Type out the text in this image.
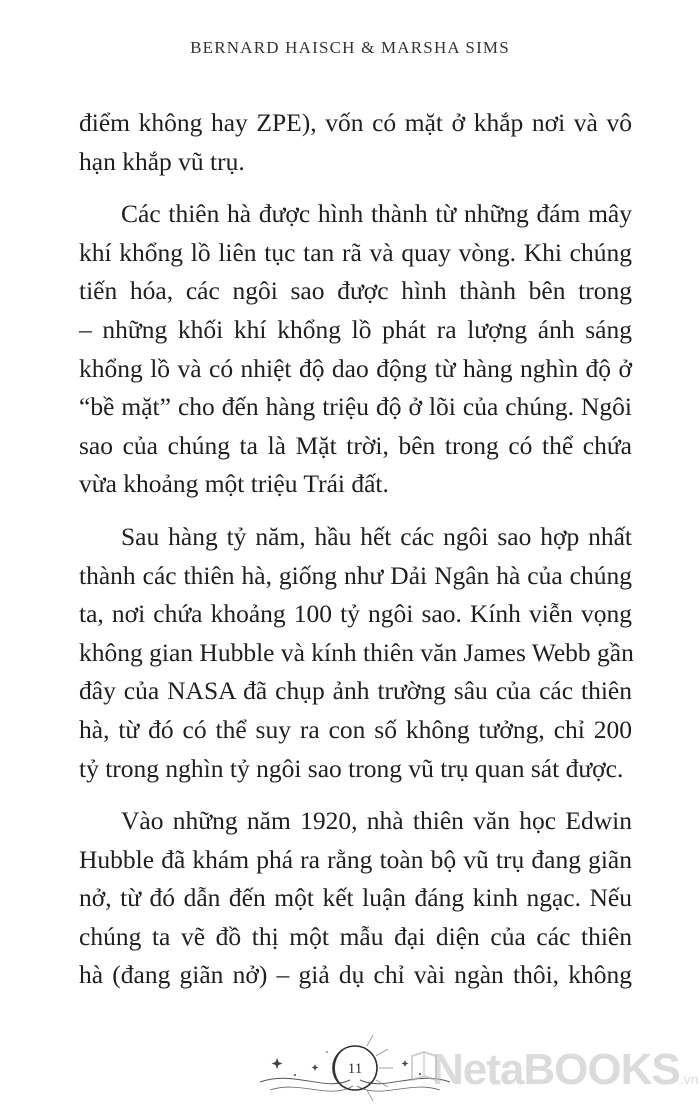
BERNARD HAISCH & MARSHA SIMS
điểm không hay ZPE), vốn có mặt ở khắp nơi và vô
hạn khắp vũ trụ.
Các thiên hà được hình thành từ những đám mây
khí khổng lồ liên tục tan rã và quay vòng. Khi chúng
tiến hóa, các ngôi sao được hình thành bên trong
– những khối khí khổng lồ phát ra lượng ánh sáng
khổng lồ và có nhiệt độ dao động từ hàng nghìn độ ở
“bề mặt” cho đến hàng triệu độ ở lõi của chúng. Ngôi
sao của chúng ta là Mặt trời, bên trong có thể chứa
vừa khoảng một triệu Trái đất.
Sau hàng tỷ năm, hầu hết các ngôi sao hợp nhất
thành các thiên hà, giống như Dải Ngân hà của chúng
ta, nơi chứa khoảng 100 tỷ ngôi sao. Kính viễn vọng
không gian Hubble và kính thiên văn James Webb gần
đây của NASA đã chụp ảnh trường sâu của các thiên
hà, từ đó có thể suy ra con số không tưởng, chỉ 200
tỷ trong nghìn tỷ ngôi sao trong vũ trụ quan sát được.
Vào những năm 1920, nhà thiên văn học Edwin
Hubble đã khám phá ra rằng toàn bộ vũ trụ đang giãn
nở, từ đó dẫn đến một kết luận đáng kinh ngạc. Nếu
chúng ta vẽ đồ thị một mẫu đại diện của các thiên
hà (đang giãn nở) – giả dụ chỉ vài ngàn thôi, không
11	NetaBOOKS.vn
